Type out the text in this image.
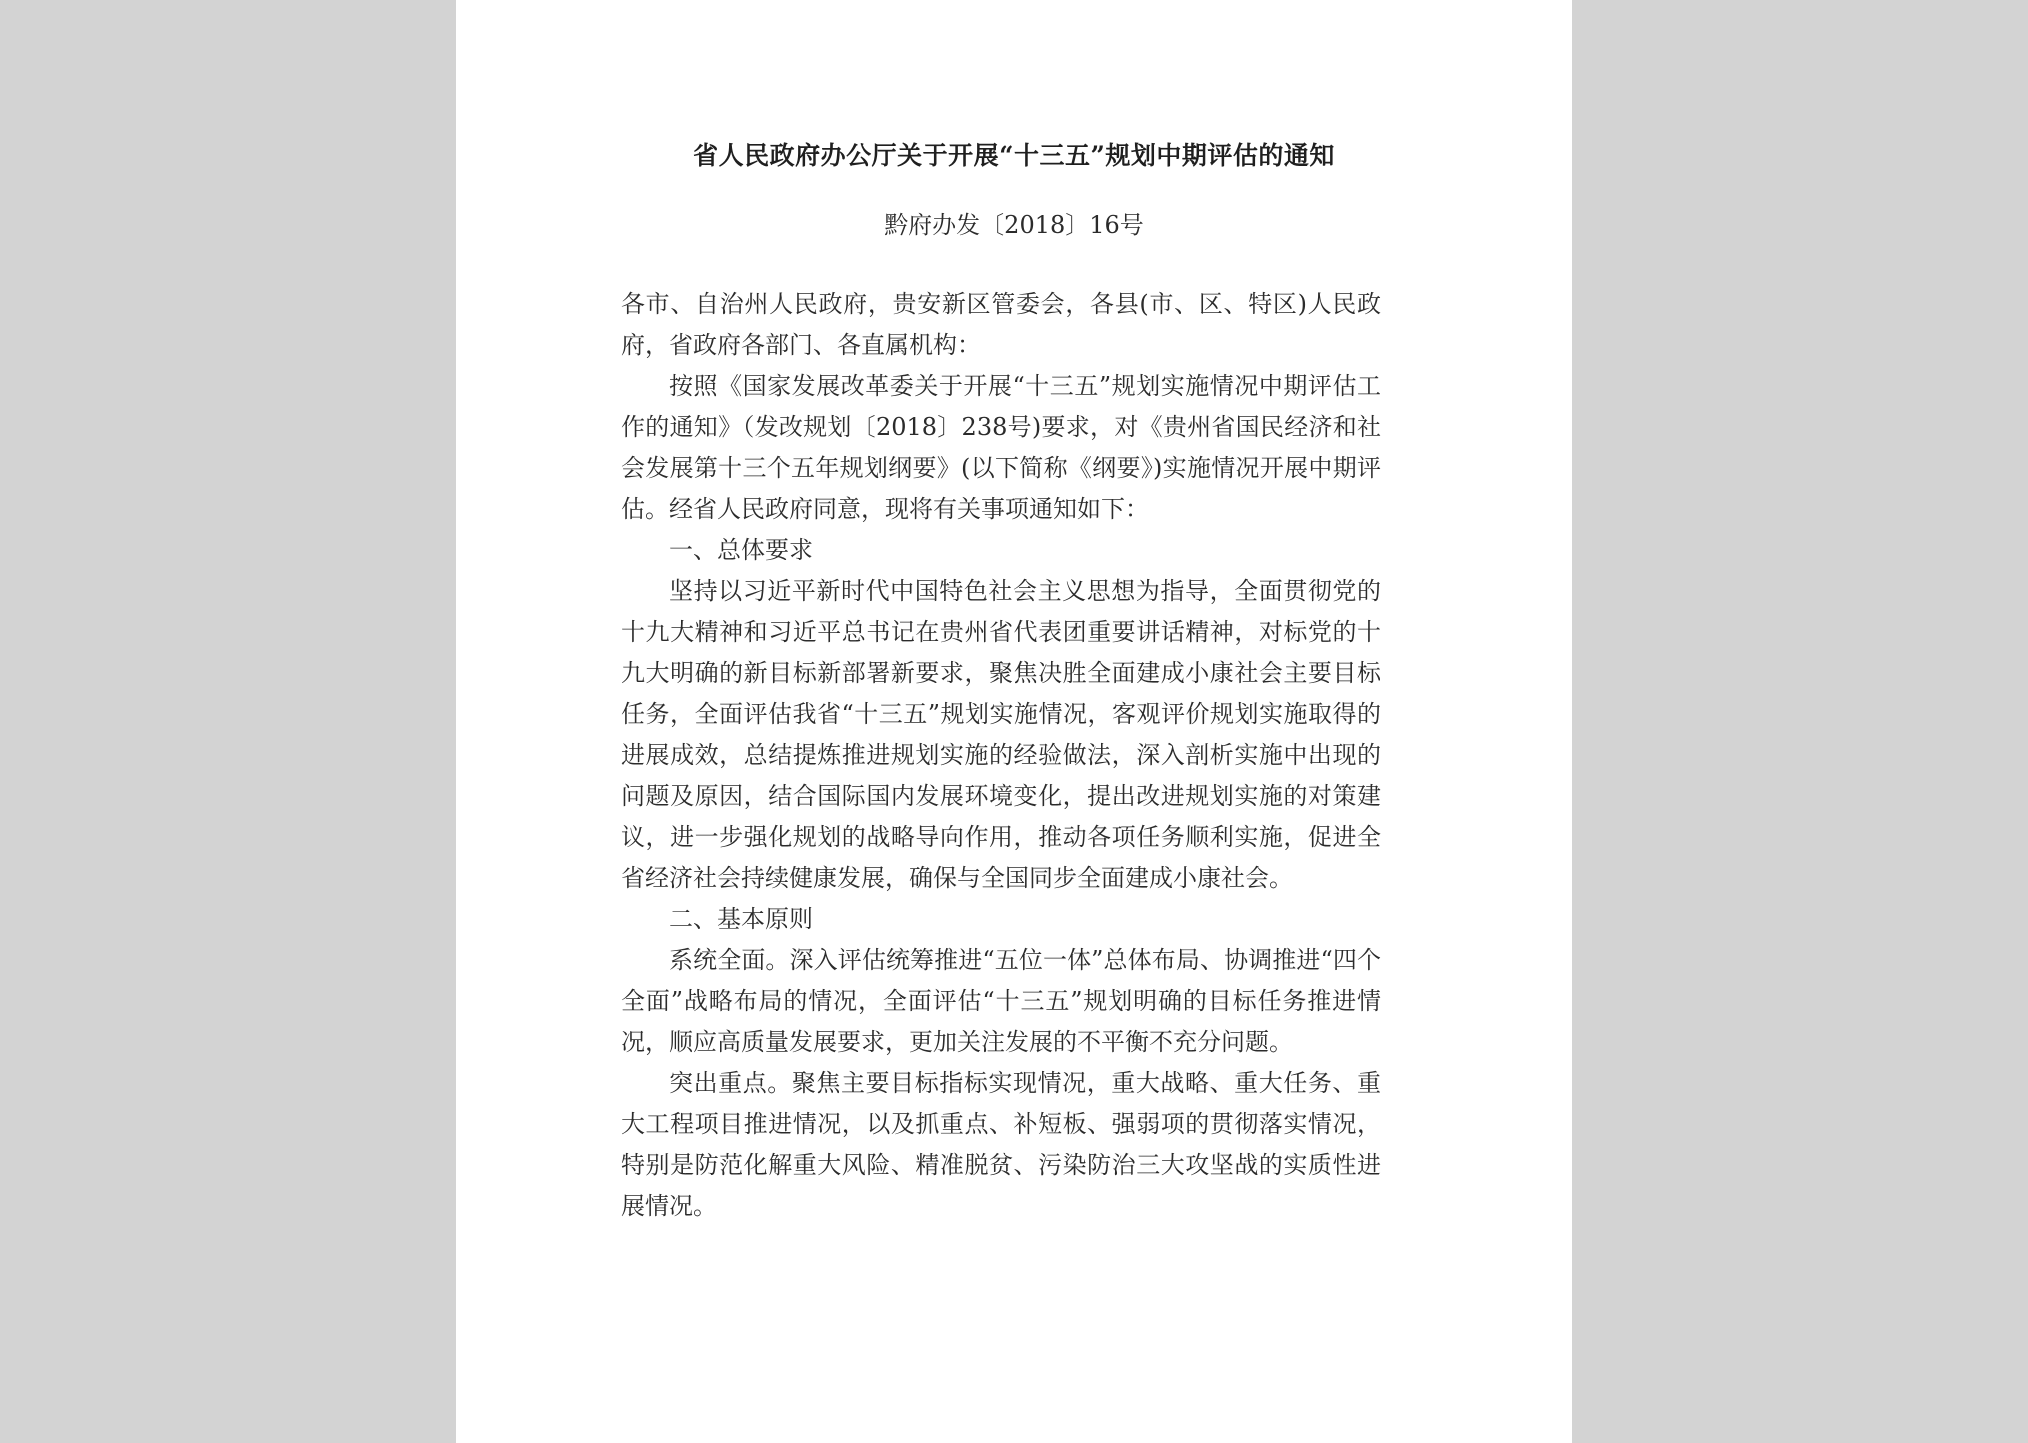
省人民政府办公厅关于开展“十三五”规划中期评估的通知
黔府办发〔2018〕16号

各市、自治州人民政府，贵安新区管委会，各县(市、区、特区)人民政府，省政府各部门、各直属机构：

按照《国家发展改革委关于开展“十三五”规划实施情况中期评估工作的通知》（发改规划〔2018〕238号)要求，对《贵州省国民经济和社会发展第十三个五年规划纲要》(以下简称《纲要》)实施情况开展中期评估。经省人民政府同意，现将有关事项通知如下：

一、总体要求

坚持以习近平新时代中国特色社会主义思想为指导，全面贯彻党的十九大精神和习近平总书记在贵州省代表团重要讲话精神，对标党的十九大明确的新目标新部署新要求，聚焦决胜全面建成小康社会主要目标任务，全面评估我省“十三五”规划实施情况，客观评价规划实施取得的进展成效，总结提炼推进规划实施的经验做法，深入剖析实施中出现的问题及原因，结合国际国内发展环境变化，提出改进规划实施的对策建议，进一步强化规划的战略导向作用，推动各项任务顺利实施，促进全省经济社会持续健康发展，确保与全国同步全面建成小康社会。

二、基本原则

系统全面。深入评估统筹推进“五位一体”总体布局、协调推进“四个全面”战略布局的情况，全面评估“十三五”规划明确的目标任务推进情况，顺应高质量发展要求，更加关注发展的不平衡不充分问题。

突出重点。聚焦主要目标指标实现情况，重大战略、重大任务、重大工程项目推进情况，以及抓重点、补短板、强弱项的贯彻落实情况，特别是防范化解重大风险、精准脱贫、污染防治三大攻坚战的实质性进展情况。
